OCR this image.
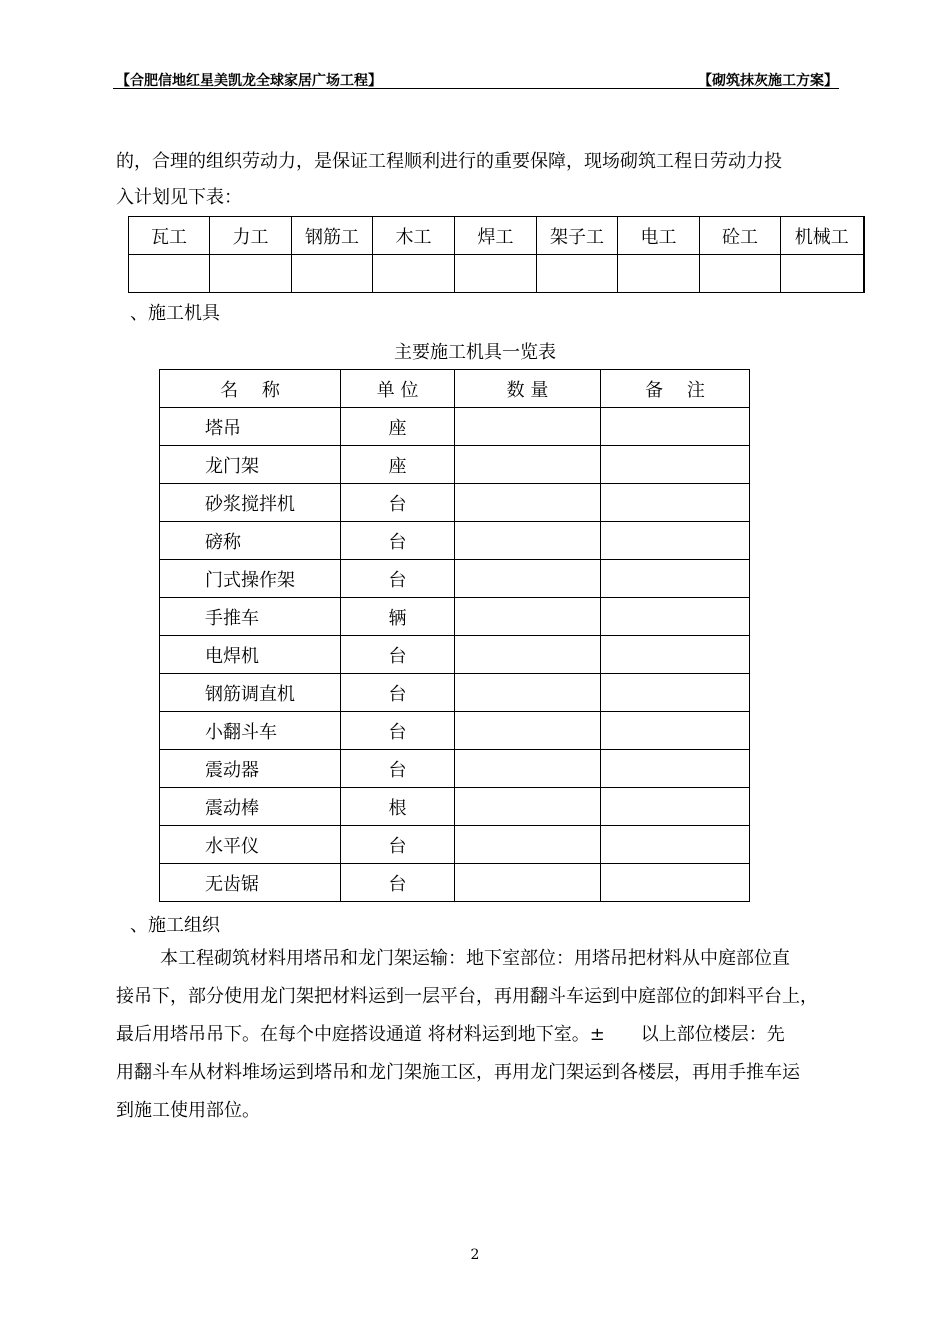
【合肥信地红星美凯龙全球家居广场工程】	【砌筑抹灰施工方案】
的，合理的组织劳动力，是保证工程顺利进行的重要保障，现场砌筑工程日劳动力投
入计划见下表：
瓦工	力工	钢筋工	木工	焊工	架子工	电工	砼工	机械工

、施工机具
主要施工机具一览表
名　 称	单 位	数 量	备　 注
塔吊	座		
龙门架	座		
砂浆搅拌机	台		
磅称	台		
门式操作架	台		
手推车	辆		
电焊机	台		
钢筋调直机	台		
小翻斗车	台		
震动器	台		
震动棒	根		
水平仪	台		
无齿锯	台		
、施工组织
本工程砌筑材料用塔吊和龙门架运输：地下室部位：用塔吊把材料从中庭部位直
接吊下，部分使用龙门架把材料运到一层平台，再用翻斗车运到中庭部位的卸料平台上，
最后用塔吊吊下。在每个中庭搭设通道 将材料运到地下室。±　　以上部位楼层：先
用翻斗车从材料堆场运到塔吊和龙门架施工区，再用龙门架运到各楼层，再用手推车运
到施工使用部位。
2
